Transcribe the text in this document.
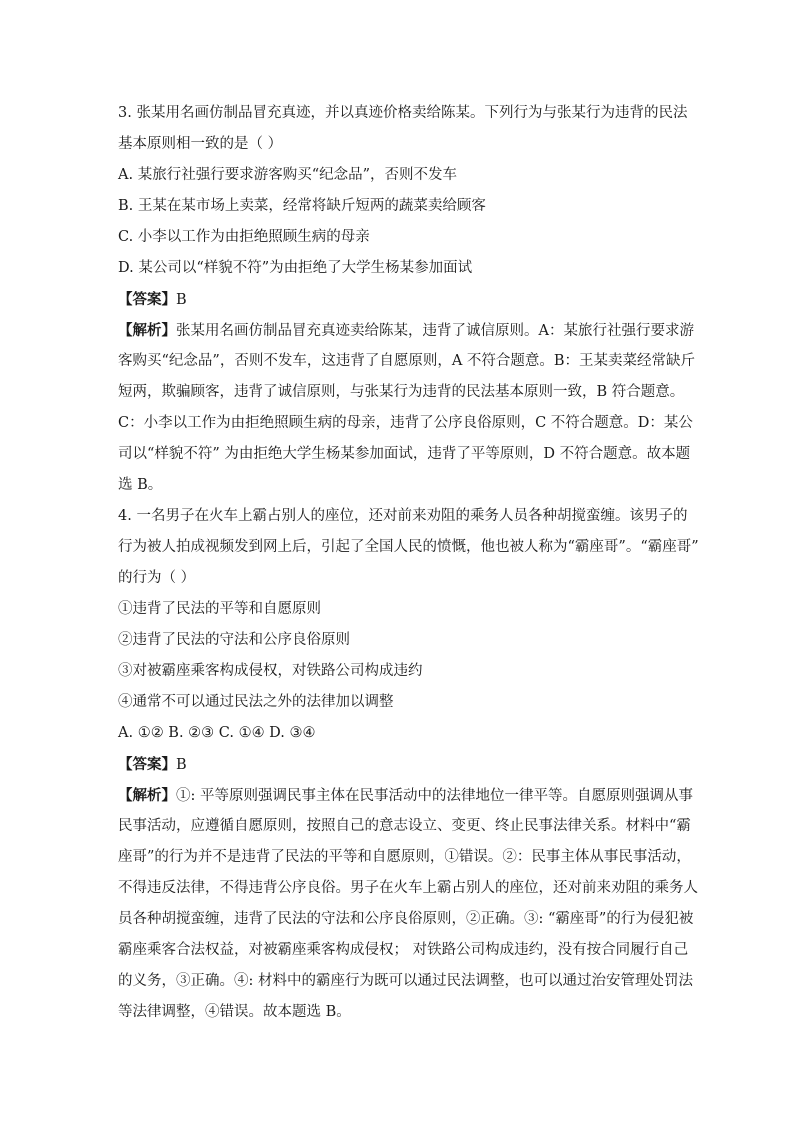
3. 张某用名画仿制品冒充真迹，并以真迹价格卖给陈某。下列行为与张某行为违背的民法
基本原则相一致的是（ ）
A. 某旅行社强行要求游客购买“纪念品”，否则不发车
B. 王某在某市场上卖菜，经常将缺斤短两的蔬菜卖给顾客
C. 小李以工作为由拒绝照顾生病的母亲
D. 某公司以“样貌不符”为由拒绝了大学生杨某参加面试
【答案】B
【解析】张某用名画仿制品冒充真迹卖给陈某，违背了诚信原则。A：某旅行社强行要求游
客购买“纪念品”，否则不发车，这违背了自愿原则，A 不符合题意。B：王某卖菜经常缺斤
短两，欺骗顾客，违背了诚信原则，与张某行为违背的民法基本原则一致，B 符合题意。
C：小李以工作为由拒绝照顾生病的母亲，违背了公序良俗原则，C 不符合题意。D：某公
司以“样貌不符” 为由拒绝大学生杨某参加面试，违背了平等原则，D 不符合题意。故本题
选 B。
4. 一名男子在火车上霸占别人的座位，还对前来劝阻的乘务人员各种胡搅蛮缠。该男子的
行为被人拍成视频发到网上后，引起了全国人民的愤慨，他也被人称为“霸座哥”。“霸座哥”
的行为（ ）
①违背了民法的平等和自愿原则
②违背了民法的守法和公序良俗原则
③对被霸座乘客构成侵权，对铁路公司构成违约
④通常不可以通过民法之外的法律加以调整
A. ①② B. ②③ C. ①④ D. ③④
【答案】B
【解析】①: 平等原则强调民事主体在民事活动中的法律地位一律平等。自愿原则强调从事
民事活动，应遵循自愿原则，按照自己的意志设立、变更、终止民事法律关系。材料中“霸
座哥”的行为并不是违背了民法的平等和自愿原则，①错误。②：民事主体从事民事活动，
不得违反法律，不得违背公序良俗。男子在火车上霸占别人的座位，还对前来劝阻的乘务人
员各种胡搅蛮缠，违背了民法的守法和公序良俗原则，②正确。③: “霸座哥”的行为侵犯被
霸座乘客合法权益，对被霸座乘客构成侵权； 对铁路公司构成违约，没有按合同履行自己
的义务，③正确。④: 材料中的霸座行为既可以通过民法调整，也可以通过治安管理处罚法
等法律调整，④错误。故本题选 B。
